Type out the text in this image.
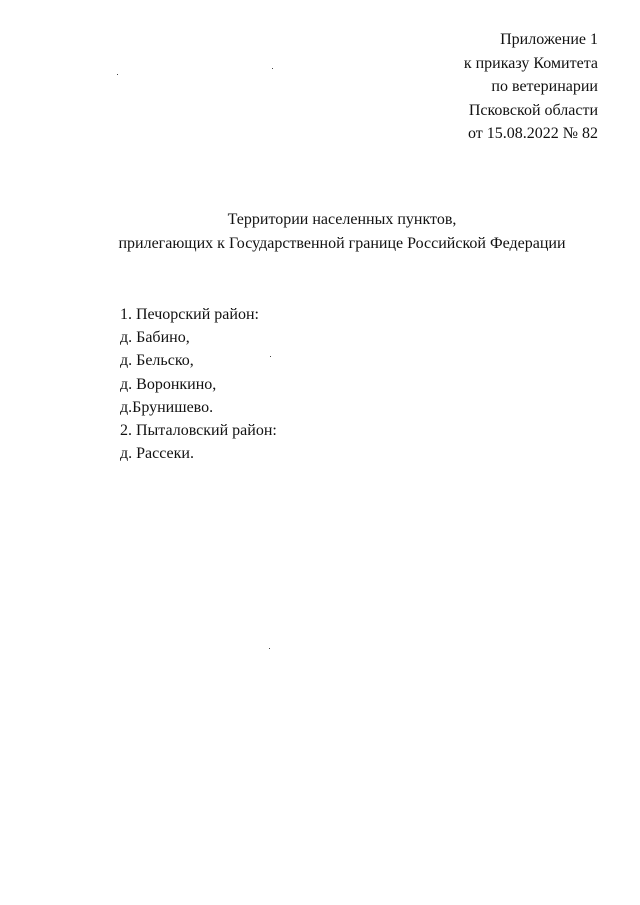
Приложение 1
к приказу Комитета
по ветеринарии
Псковской области
от 15.08.2022 № 82
Территории населенных пунктов,
прилегающих к Государственной границе Российской Федерации
1. Печорский район:
д. Бабино,
д. Бельско,
д. Воронкино,
д.Брунишево.
2. Пыталовский район:
д. Рассеки.
